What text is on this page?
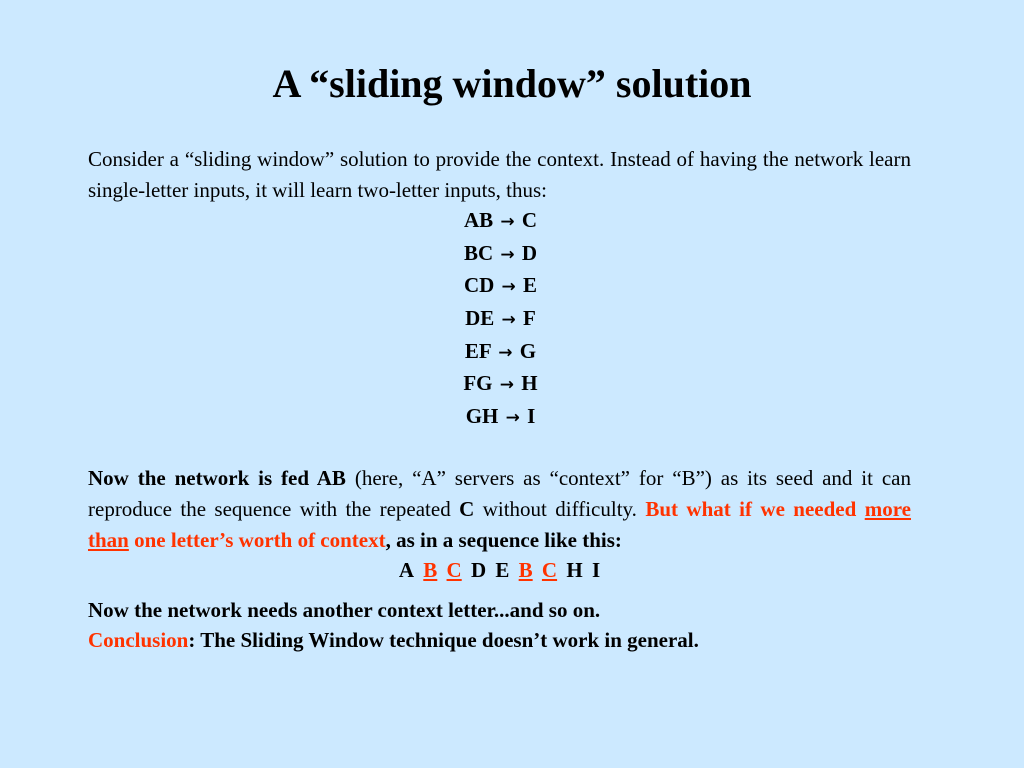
A “sliding window” solution

Consider a “sliding window” solution to provide the context. Instead of having the network learn single-letter inputs, it will learn two-letter inputs, thus:

AB → C
BC → D
CD → E
DE → F
EF → G
FG → H
GH → I

Now the network is fed AB (here, “A” servers as “context” for “B”) as its seed and it can reproduce the sequence with the repeated C without difficulty. But what if we needed more than one letter’s worth of context, as in a sequence like this:

A B C D E B C H I

Now the network needs another context letter...and so on.

Conclusion: The Sliding Window technique doesn’t work in general.
